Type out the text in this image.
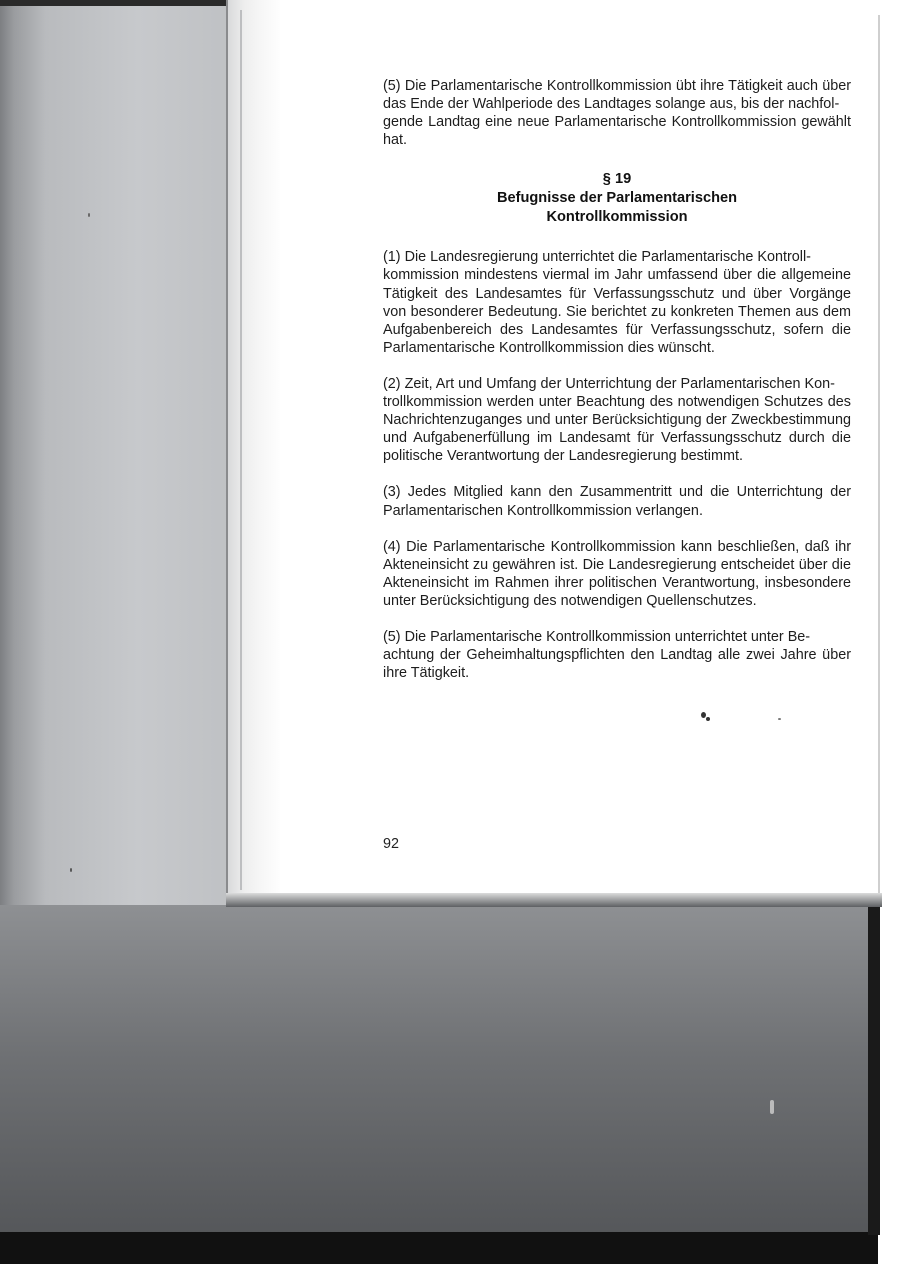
(5) Die Parlamentarische Kontrollkommission übt ihre Tätigkeit auch über das Ende der Wahlperiode des Landtages solange aus, bis der nachfol-
gende Landtag eine neue Parlamentarische Kontrollkommission gewählt hat.

§ 19
Befugnisse der Parlamentarischen
Kontrollkommission

(1) Die Landesregierung unterrichtet die Parlamentarische Kontroll-
kommission mindestens viermal im Jahr umfassend über die allgemeine Tätigkeit des Landesamtes für Verfassungsschutz und über Vorgänge von besonderer Bedeutung. Sie berichtet zu konkreten Themen aus dem Aufgabenbereich des Landesamtes für Verfassungsschutz, sofern die Parlamentarische Kontrollkommission dies wünscht.

(2) Zeit, Art und Umfang der Unterrichtung der Parlamentarischen Kon-
trollkommission werden unter Beachtung des notwendigen Schutzes des Nachrichtenzuganges und unter Berücksichtigung der Zweckbestimmung und Aufgabenerfüllung im Landesamt für Verfassungsschutz durch die politische Verantwortung der Landesregierung bestimmt.

(3) Jedes Mitglied kann den Zusammentritt und die Unterrichtung der Parlamentarischen Kontrollkommission verlangen.

(4) Die Parlamentarische Kontrollkommission kann beschließen, daß ihr Akteneinsicht zu gewähren ist. Die Landesregierung entscheidet über die Akteneinsicht im Rahmen ihrer politischen Verantwortung, insbesondere unter Berücksichtigung des notwendigen Quellenschutzes.

(5) Die Parlamentarische Kontrollkommission unterrichtet unter Be-
achtung der Geheimhaltungspflichten den Landtag alle zwei Jahre über ihre Tätigkeit.

92
